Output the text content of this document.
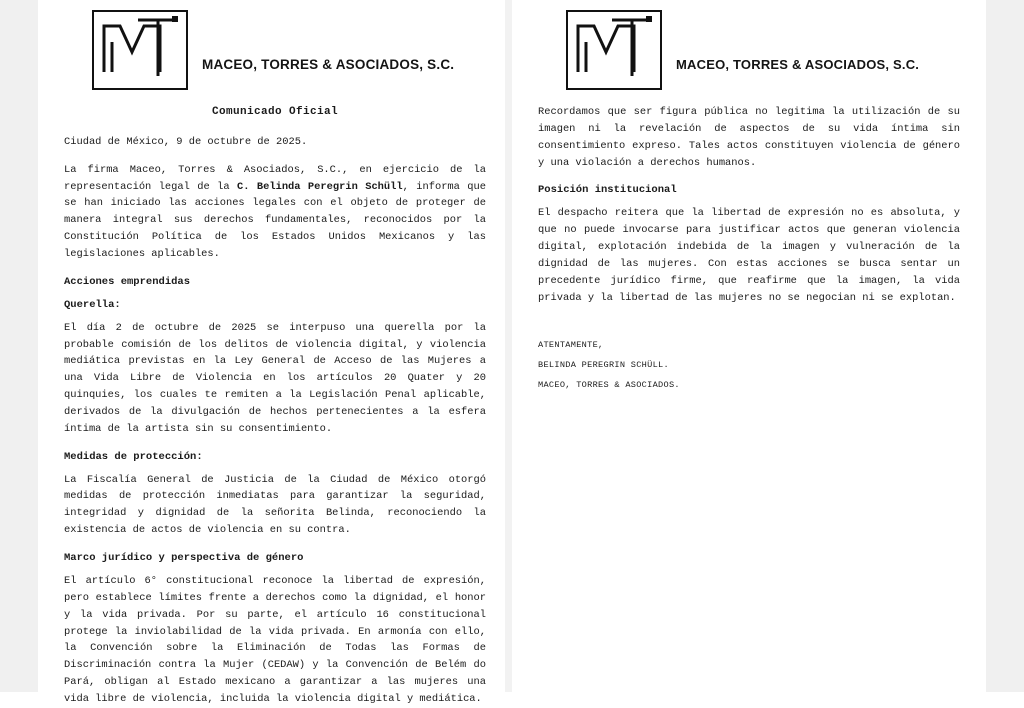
MACEO, TORRES & ASOCIADOS, S.C.
Comunicado Oficial

Ciudad de México, 9 de octubre de 2025.

La firma Maceo, Torres & Asociados, S.C., en ejercicio de la representación legal de la C. Belinda Peregrin Schüll, informa que se han iniciado las acciones legales con el objeto de proteger de manera integral sus derechos fundamentales, reconocidos por la Constitución Política de los Estados Unidos Mexicanos y las legislaciones aplicables.

Acciones emprendidas
Querella:

El día 2 de octubre de 2025 se interpuso una querella por la probable comisión de los delitos de violencia digital, y violencia mediática previstas en la Ley General de Acceso de las Mujeres a una Vida Libre de Violencia en los artículos 20 Quater y 20 quinquies, los cuales te remiten a la Legislación Penal aplicable, derivados de la divulgación de hechos pertenecientes a la esfera íntima de la artista sin su consentimiento.

Medidas de protección:

La Fiscalía General de Justicia de la Ciudad de México otorgó medidas de protección inmediatas para garantizar la seguridad, integridad y dignidad de la señorita Belinda, reconociendo la existencia de actos de violencia en su contra.

Marco jurídico y perspectiva de género

El artículo 6° constitucional reconoce la libertad de expresión, pero establece límites frente a derechos como la dignidad, el honor y la vida privada. Por su parte, el artículo 16 constitucional protege la inviolabilidad de la vida privada. En armonía con ello, la Convención sobre la Eliminación de Todas las Formas de Discriminación contra la Mujer (CEDAW) y la Convención de Belém do Pará, obligan al Estado mexicano a garantizar a las mujeres una vida libre de violencia, incluida la violencia digital y mediática.

MACEO, TORRES & ASOCIADOS, S.C.

Recordamos que ser figura pública no legitima la utilización de su imagen ni la revelación de aspectos de su vida íntima sin consentimiento expreso. Tales actos constituyen violencia de género y una violación a derechos humanos.

Posición institucional

El despacho reitera que la libertad de expresión no es absoluta, y que no puede invocarse para justificar actos que generan violencia digital, explotación indebida de la imagen y vulneración de la dignidad de las mujeres. Con estas acciones se busca sentar un precedente jurídico firme, que reafirme que la imagen, la vida privada y la libertad de las mujeres no se negocian ni se explotan.

ATENTAMENTE,
BELINDA PEREGRIN SCHÜLL.
MACEO, TORRES & ASOCIADOS.
